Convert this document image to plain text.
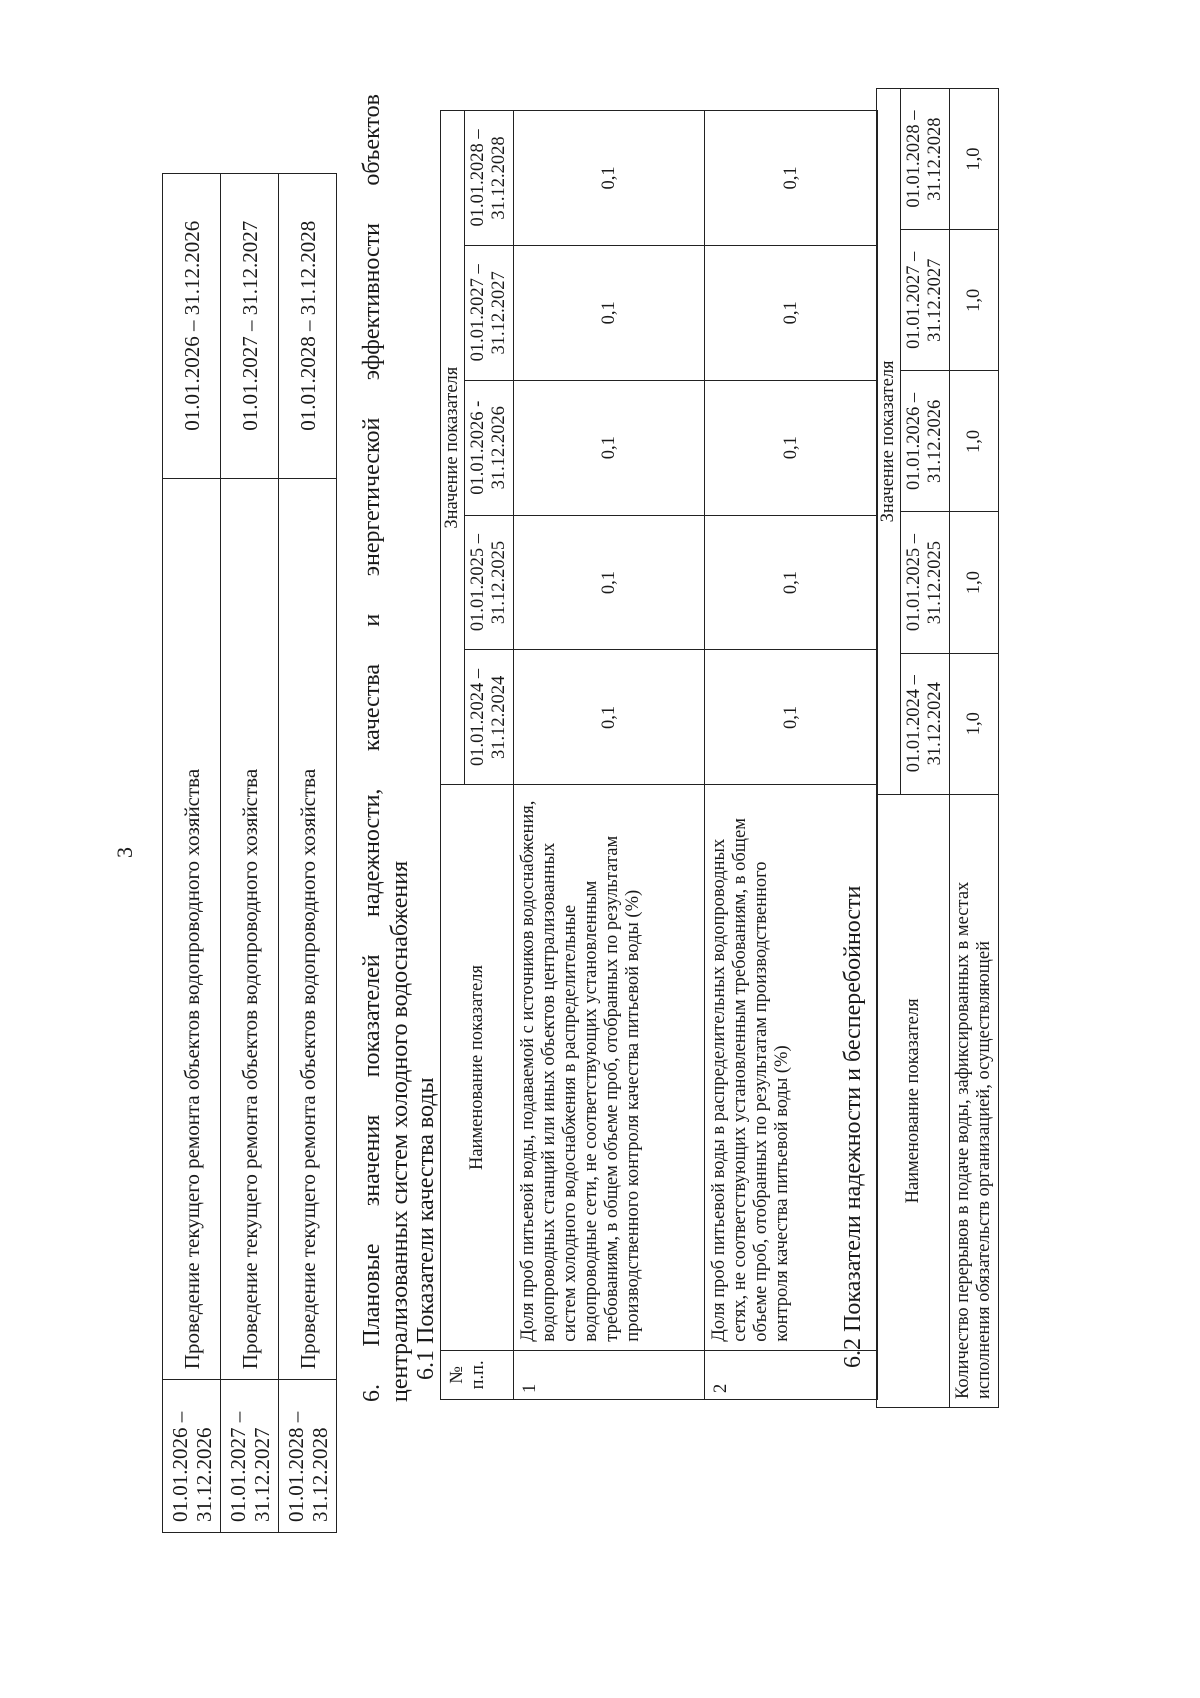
3
01.01.2026 – 31.12.2026	Проведение текущего ремонта объектов водопроводного хозяйства	01.01.2026 – 31.12.2026
01.01.2027 – 31.12.2027	Проведение текущего ремонта объектов водопроводного хозяйства	01.01.2027 – 31.12.2027
01.01.2028 – 31.12.2028	Проведение текущего ремонта объектов водопроводного хозяйства	01.01.2028 – 31.12.2028
6.
Плановые
значения
показателей
надежности,
качества
и
энергетической
эффективности
объектов
централизованных систем холодного водоснабжения 6.1 Показатели качества воды № п.п.	Наименование показателя	Значение показателя				
		01.01.2024 – 31.12.2024	01.01.2025 – 31.12.2025	01.01.2026 - 31.12.2026	01.01.2027 – 31.12.2027	01.01.2028 – 31.12.2028
1	Доля проб питьевой воды, подаваемой с источников водоснабжения, водопроводных станций или иных объектов централизованных систем холодного водоснабжения в распределительные водопроводные сети, не соответствующих установленным требованиям, в общем объеме проб, отобранных по результатам производственного контроля качества питьевой воды (%)	0,1	0,1	0,1	0,1	0,1
2	Доля проб питьевой воды в распределительных водопроводных сетях, не соответствующих установленным требованиям, в общем объеме проб, отобранных по результатам производственного контроля качества питьевой воды (%)	0,1	0,1	0,1	0,1	0,1
6.2 Показатели надежности и бесперебойности Наименование показателя	Значение показателя				
	01.01.2024 – 31.12.2024	01.01.2025 – 31.12.2025	01.01.2026 – 31.12.2026	01.01.2027 – 31.12.2027	01.01.2028 – 31.12.2028
Количество перерывов в подаче воды, зафиксированных в местах исполнения обязательств организацией, осуществляющей	1,0	1,0	1,0	1,0	1,0
